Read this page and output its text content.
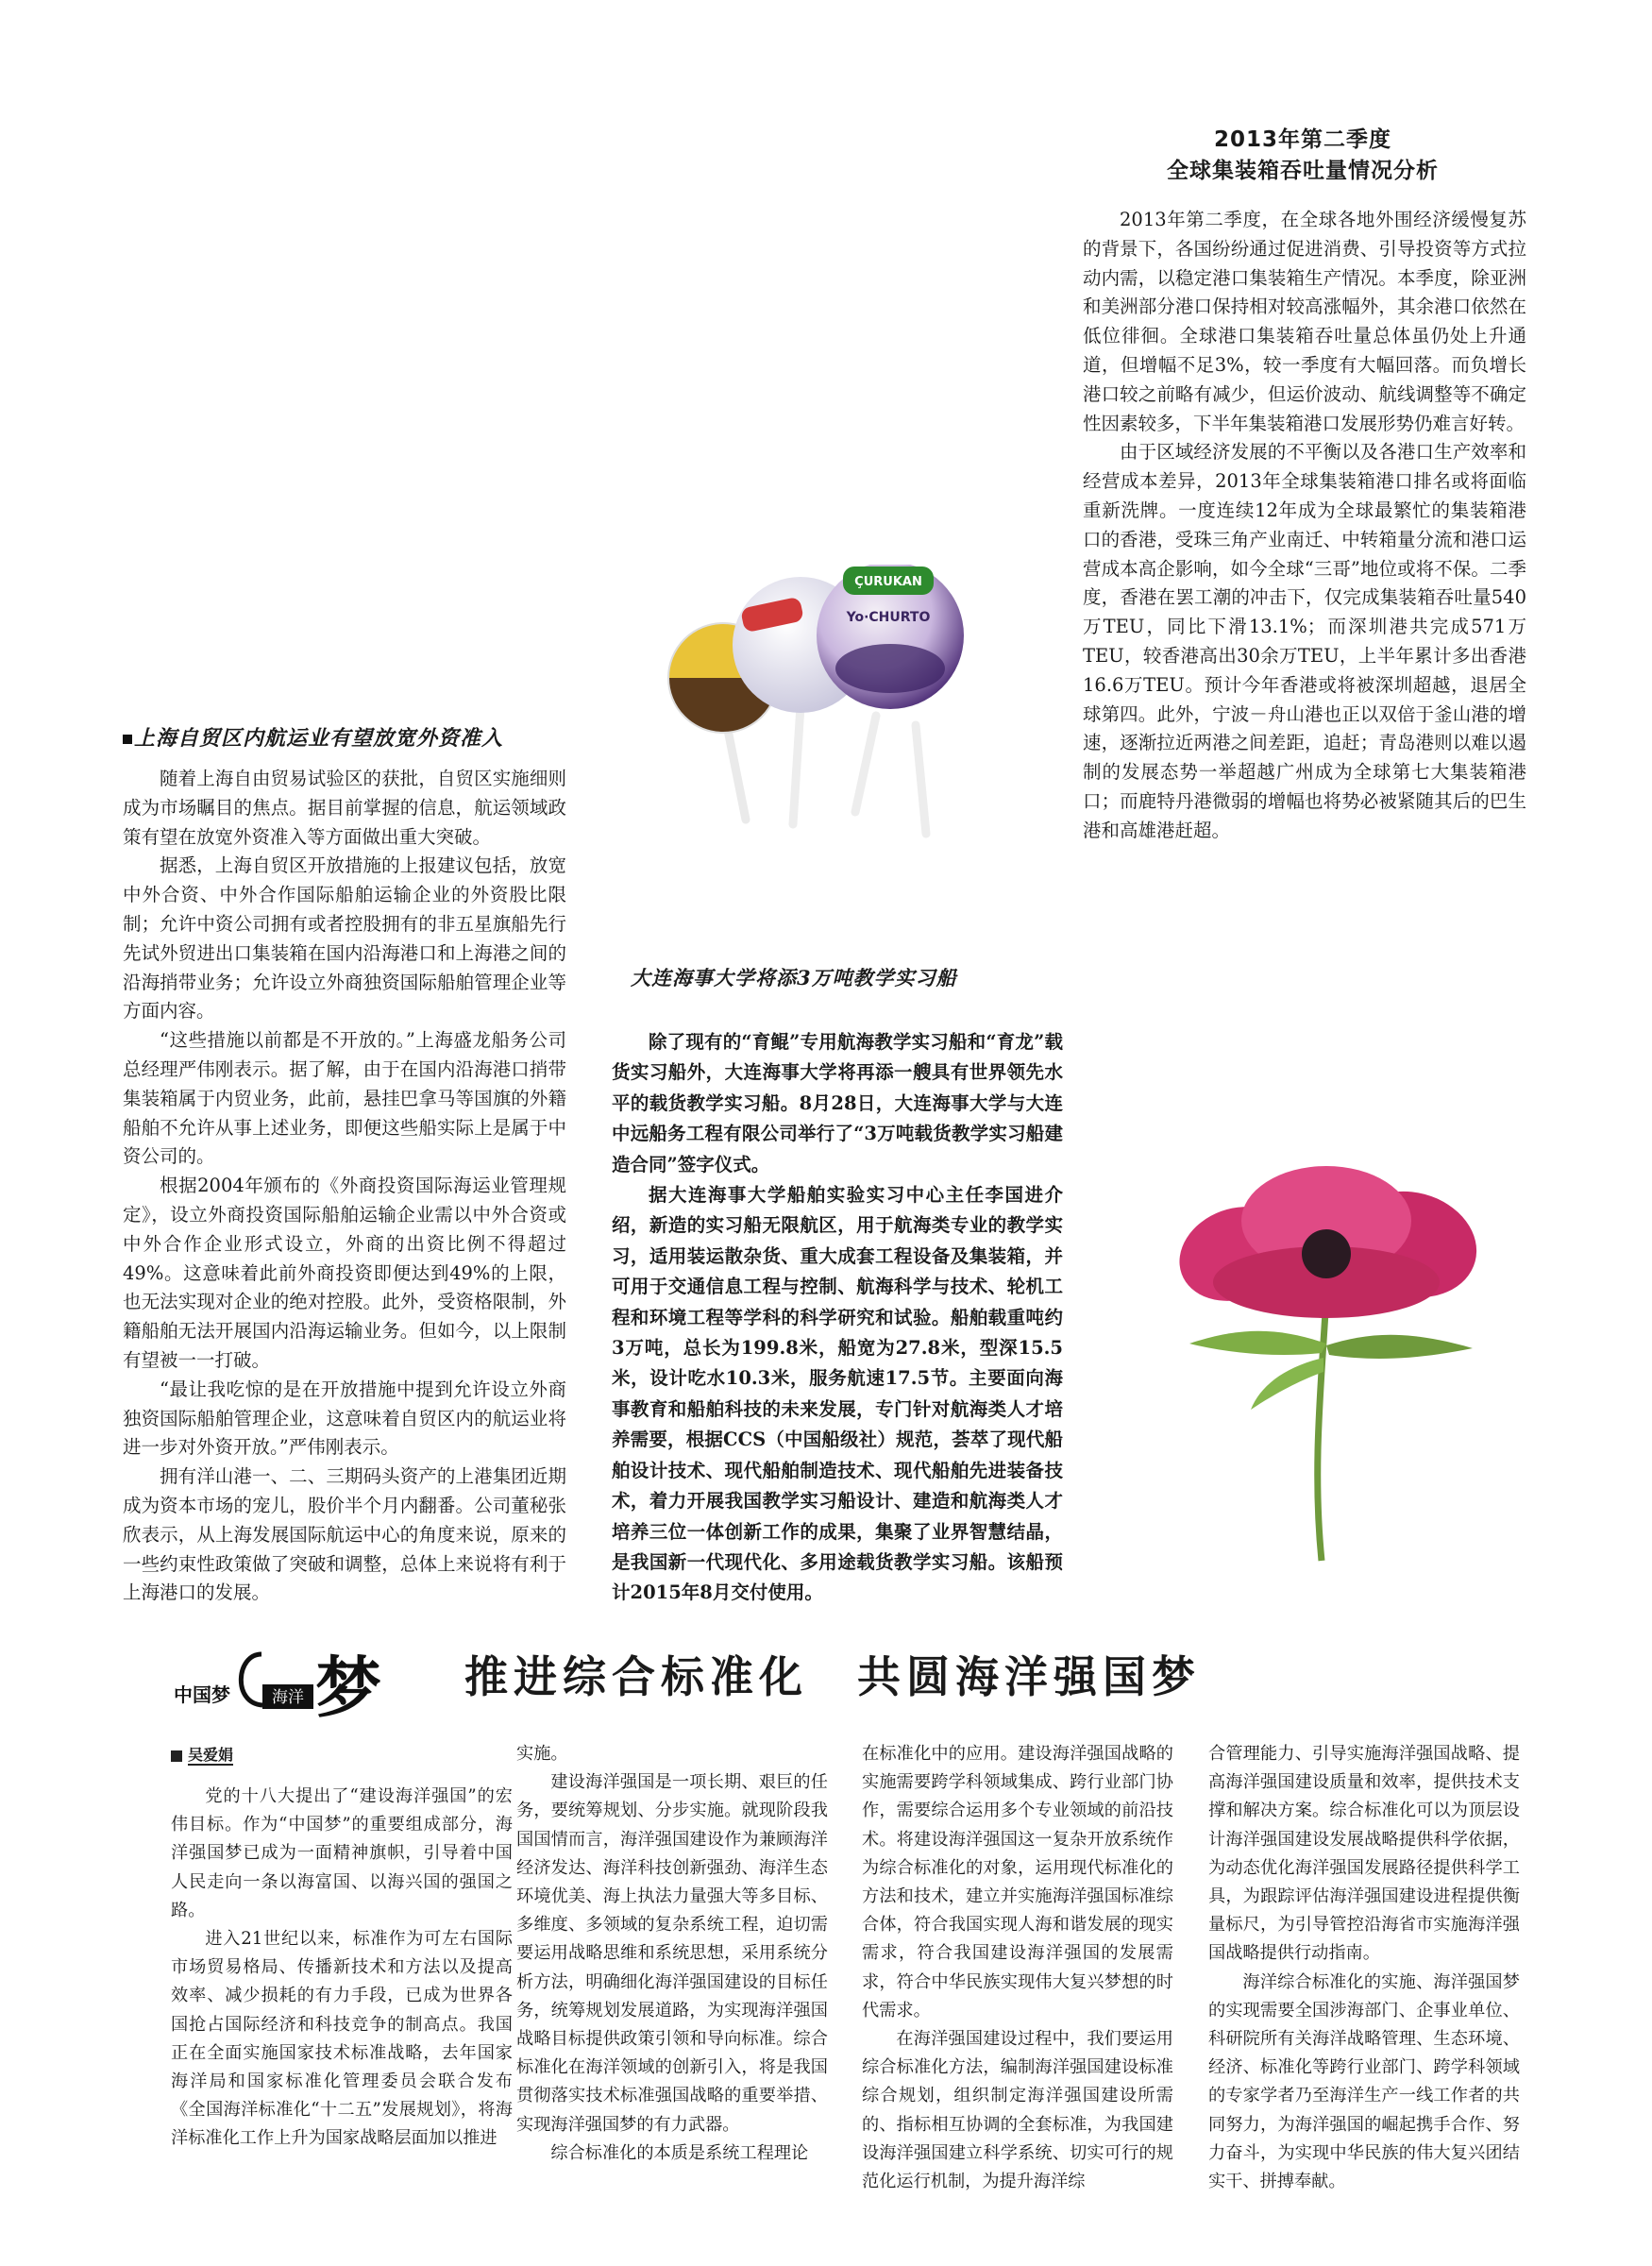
港航
2013年第二季度
全球集装箱吞吐量情况分析

2013年第二季度，在全球各地外围经济缓慢复苏的背景下，各国纷纷通过促进消费、引导投资等方式拉动内需，以稳定港口集装箱生产情况。本季度，除亚洲和美洲部分港口保持相对较高涨幅外，其余港口依然在低位徘徊。全球港口集装箱吞吐量总体虽仍处上升通道，但增幅不足3%，较一季度有大幅回落。而负增长港口较之前略有减少，但运价波动、航线调整等不确定性因素较多，下半年集装箱港口发展形势仍难言好转。

由于区域经济发展的不平衡以及各港口生产效率和经营成本差异，2013年全球集装箱港口排名或将面临重新洗牌。一度连续12年成为全球最繁忙的集装箱港口的香港，受珠三角产业南迁、中转箱量分流和港口运营成本高企影响，如今全球“三哥”地位或将不保。二季度，香港在罢工潮的冲击下，仅完成集装箱吞吐量540万TEU，同比下滑13.1%；而深圳港共完成571万TEU，较香港高出30余万TEU，上半年累计多出香港16.6万TEU。预计今年香港或将被深圳超越，退居全球第四。此外，宁波－舟山港也正以双倍于釜山港的增速，逐渐拉近两港之间差距，追赶；青岛港则以难以遏制的发展态势一举超越广州成为全球第七大集装箱港口；而鹿特丹港微弱的增幅也将势必被紧随其后的巴生港和高雄港赶超。

ÇURUKAN
Yo·CHURTO
上海自贸区内航运业有望放宽外资准入

随着上海自由贸易试验区的获批，自贸区实施细则成为市场瞩目的焦点。据目前掌握的信息，航运领域政策有望在放宽外资准入等方面做出重大突破。

据悉，上海自贸区开放措施的上报建议包括，放宽中外合资、中外合作国际船舶运输企业的外资股比限制；允许中资公司拥有或者控股拥有的非五星旗船先行先试外贸进出口集装箱在国内沿海港口和上海港之间的沿海捎带业务；允许设立外商独资国际船舶管理企业等方面内容。

“这些措施以前都是不开放的。”上海盛龙船务公司总经理严伟刚表示。据了解，由于在国内沿海港口捎带集装箱属于内贸业务，此前，悬挂巴拿马等国旗的外籍船舶不允许从事上述业务，即便这些船实际上是属于中资公司的。

根据2004年颁布的《外商投资国际海运业管理规定》，设立外商投资国际船舶运输企业需以中外合资或中外合作企业形式设立，外商的出资比例不得超过49%。这意味着此前外商投资即便达到49%的上限，也无法实现对企业的绝对控股。此外，受资格限制，外籍船舶无法开展国内沿海运输业务。但如今，以上限制有望被一一打破。

“最让我吃惊的是在开放措施中提到允许设立外商独资国际船舶管理企业，这意味着自贸区内的航运业将进一步对外资开放。”严伟刚表示。

拥有洋山港一、二、三期码头资产的上港集团近期成为资本市场的宠儿，股价半个月内翻番。公司董秘张欣表示，从上海发展国际航运中心的角度来说，原来的一些约束性政策做了突破和调整，总体上来说将有利于上海港口的发展。

大连海事大学将添3万吨教学实习船

除了现有的“育鲲”专用航海教学实习船和“育龙”载货实习船外，大连海事大学将再添一艘具有世界领先水平的载货教学实习船。8月28日，大连海事大学与大连中远船务工程有限公司举行了“3万吨载货教学实习船建造合同”签字仪式。

据大连海事大学船舶实验实习中心主任李国进介绍，新造的实习船无限航区，用于航海类专业的教学实习，适用装运散杂货、重大成套工程设备及集装箱，并可用于交通信息工程与控制、航海科学与技术、轮机工程和环境工程等学科的科学研究和试验。船舶载重吨约3万吨，总长为199.8米，船宽为27.8米，型深15.5米，设计吃水10.3米，服务航速17.5节。主要面向海事教育和船舶科技的未来发展，专门针对航海类人才培养需要，根据CCS（中国船级社）规范，荟萃了现代船舶设计技术、现代船舶制造技术、现代船舶先进装备技术，着力开展我国教学实习船设计、建造和航海类人才培养三位一体创新工作的成果，集聚了业界智慧结晶，是我国新一代现代化、多用途载货教学实习船。该船预计2015年8月交付使用。

中国梦	海洋 梦 推进综合标准化　共圆海洋强国梦
吴爱娟

党的十八大提出了“建设海洋强国”的宏伟目标。作为“中国梦”的重要组成部分，海洋强国梦已成为一面精神旗帜，引导着中国人民走向一条以海富国、以海兴国的强国之路。

进入21世纪以来，标准作为可左右国际市场贸易格局、传播新技术和方法以及提高效率、减少损耗的有力手段，已成为世界各国抢占国际经济和科技竞争的制高点。我国正在全面实施国家技术标准战略，去年国家海洋局和国家标准化管理委员会联合发布《全国海洋标准化“十二五”发展规划》，将海洋标准化工作上升为国家战略层面加以推进

实施。

建设海洋强国是一项长期、艰巨的任务，要统筹规划、分步实施。就现阶段我国国情而言，海洋强国建设作为兼顾海洋经济发达、海洋科技创新强劲、海洋生态环境优美、海上执法力量强大等多目标、多维度、多领域的复杂系统工程，迫切需要运用战略思维和系统思想，采用系统分析方法，明确细化海洋强国建设的目标任务，统筹规划发展道路，为实现海洋强国战略目标提供政策引领和导向标准。综合标准化在海洋领域的创新引入，将是我国贯彻落实技术标准强国战略的重要举措、实现海洋强国梦的有力武器。

综合标准化的本质是系统工程理论

在标准化中的应用。建设海洋强国战略的实施需要跨学科领域集成、跨行业部门协作，需要综合运用多个专业领域的前沿技术。将建设海洋强国这一复杂开放系统作为综合标准化的对象，运用现代标准化的方法和技术，建立并实施海洋强国标准综合体，符合我国实现人海和谐发展的现实需求，符合我国建设海洋强国的发展需求，符合中华民族实现伟大复兴梦想的时代需求。

在海洋强国建设过程中，我们要运用综合标准化方法，编制海洋强国建设标准综合规划，组织制定海洋强国建设所需的、指标相互协调的全套标准，为我国建设海洋强国建立科学系统、切实可行的规范化运行机制，为提升海洋综

合管理能力、引导实施海洋强国战略、提高海洋强国建设质量和效率，提供技术支撑和解决方案。综合标准化可以为顶层设计海洋强国建设发展战略提供科学依据，为动态优化海洋强国发展路径提供科学工具，为跟踪评估海洋强国建设进程提供衡量标尺，为引导管控沿海省市实施海洋强国战略提供行动指南。

海洋综合标准化的实施、海洋强国梦的实现需要全国涉海部门、企事业单位、科研院所有关海洋战略管理、生态环境、经济、标准化等跨行业部门、跨学科领域的专家学者乃至海洋生产一线工作者的共同努力，为海洋强国的崛起携手合作、努力奋斗，为实现中华民族的伟大复兴团结实干、拼搏奉献。
